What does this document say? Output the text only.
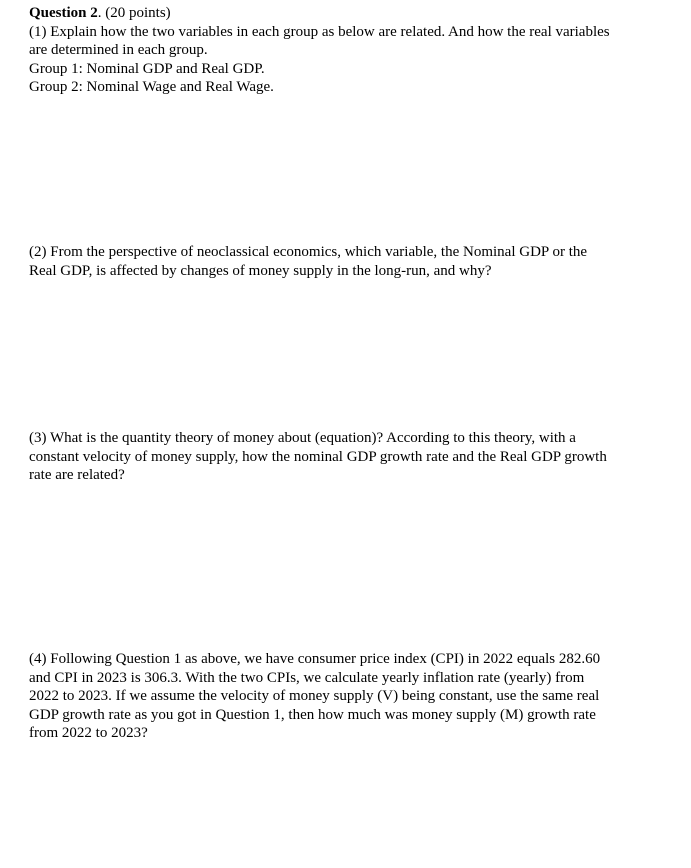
Question 2. (20 points)
(1) Explain how the two variables in each group as below are related. And how the real variables
are determined in each group.
Group 1: Nominal GDP and Real GDP.
Group 2: Nominal Wage and Real Wage.
(2) From the perspective of neoclassical economics, which variable, the Nominal GDP or the
Real GDP, is affected by changes of money supply in the long-run, and why?
(3) What is the quantity theory of money about (equation)? According to this theory, with a
constant velocity of money supply, how the nominal GDP growth rate and the Real GDP growth
rate are related?
(4) Following Question 1 as above, we have consumer price index (CPI) in 2022 equals 282.60
and CPI in 2023 is 306.3. With the two CPIs, we calculate yearly inflation rate (yearly) from
2022 to 2023. If we assume the velocity of money supply (V) being constant, use the same real
GDP growth rate as you got in Question 1, then how much was money supply (M) growth rate
from 2022 to 2023?
